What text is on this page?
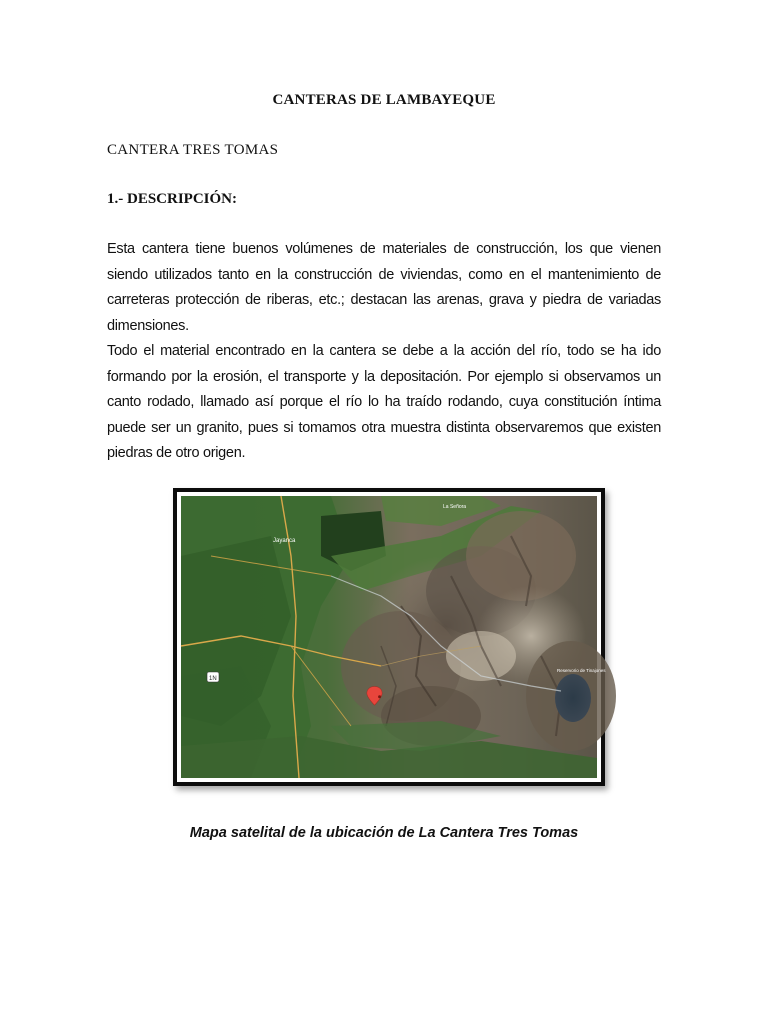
CANTERAS DE LAMBAYEQUE
CANTERA TRES TOMAS
1.- DESCRIPCIÓN:

Esta cantera tiene buenos volúmenes de materiales de construcción, los que vienen siendo utilizados tanto en la construcción de viviendas, como en el mantenimiento de carreteras protección de riberas, etc.; destacan las arenas, grava y piedra de variadas dimensiones.

Todo el material encontrado en la cantera se debe a la acción del río, todo se ha ido formando por la erosión, el transporte y la depositación. Por ejemplo si observamos un canto rodado, llamado así porque el río lo ha traído rodando, cuya constitución íntima puede ser un granito, pues si tomamos otra muestra distinta observaremos que existen piedras de otro origen.

Jayanca
La Señora
Reservorio de Tinajones
1N
Mapa satelital de la ubicación de La Cantera Tres Tomas
